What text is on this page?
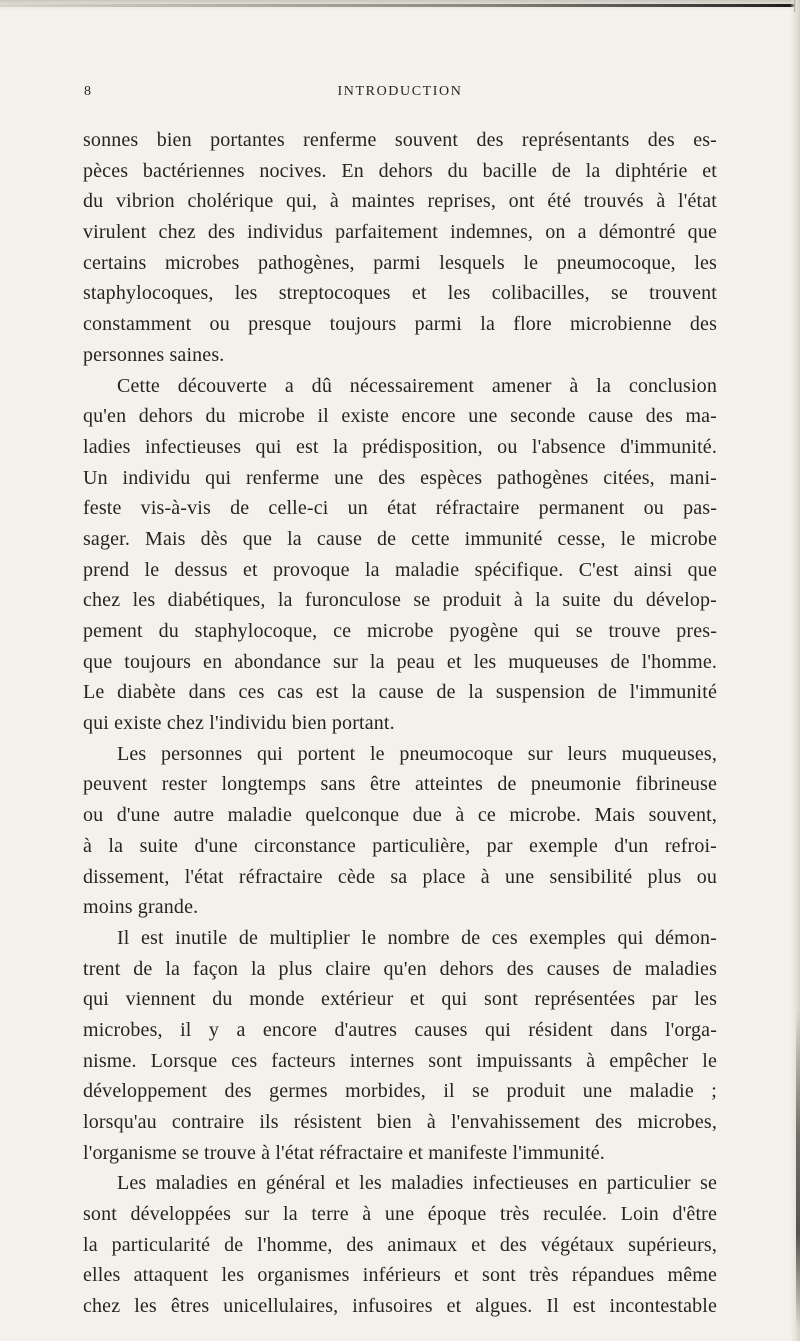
8	INTRODUCTION
sonnes bien portantes renferme souvent des représentants des es-
pèces bactériennes nocives. En dehors du bacille de la diphtérie et
du vibrion cholérique qui, à maintes reprises, ont été trouvés à l'état
virulent chez des individus parfaitement indemnes, on a démontré que
certains microbes pathogènes, parmi lesquels le pneumocoque, les
staphylocoques, les streptocoques et les colibacilles, se trouvent
constamment ou presque toujours parmi la flore microbienne des
personnes saines.
Cette découverte a dû nécessairement amener à la conclusion
qu'en dehors du microbe il existe encore une seconde cause des ma-
ladies infectieuses qui est la prédisposition, ou l'absence d'immunité.
Un individu qui renferme une des espèces pathogènes citées, mani-
feste vis-à-vis de celle-ci un état réfractaire permanent ou pas-
sager. Mais dès que la cause de cette immunité cesse, le microbe
prend le dessus et provoque la maladie spécifique. C'est ainsi que
chez les diabétiques, la furonculose se produit à la suite du dévelop-
pement du staphylocoque, ce microbe pyogène qui se trouve pres-
que toujours en abondance sur la peau et les muqueuses de l'homme.
Le diabète dans ces cas est la cause de la suspension de l'immunité
qui existe chez l'individu bien portant.
Les personnes qui portent le pneumocoque sur leurs muqueuses,
peuvent rester longtemps sans être atteintes de pneumonie fibrineuse
ou d'une autre maladie quelconque due à ce microbe. Mais souvent,
à la suite d'une circonstance particulière, par exemple d'un refroi-
dissement, l'état réfractaire cède sa place à une sensibilité plus ou
moins grande.
Il est inutile de multiplier le nombre de ces exemples qui démon-
trent de la façon la plus claire qu'en dehors des causes de maladies
qui viennent du monde extérieur et qui sont représentées par les
microbes, il y a encore d'autres causes qui résident dans l'orga-
nisme. Lorsque ces facteurs internes sont impuissants à empêcher le
développement des germes morbides, il se produit une maladie ;
lorsqu'au contraire ils résistent bien à l'envahissement des microbes,
l'organisme se trouve à l'état réfractaire et manifeste l'immunité.
Les maladies en général et les maladies infectieuses en particulier se
sont développées sur la terre à une époque très reculée. Loin d'être
la particularité de l'homme, des animaux et des végétaux supérieurs,
elles attaquent les organismes inférieurs et sont très répandues même
chez les êtres unicellulaires, infusoires et algues. Il est incontestable
